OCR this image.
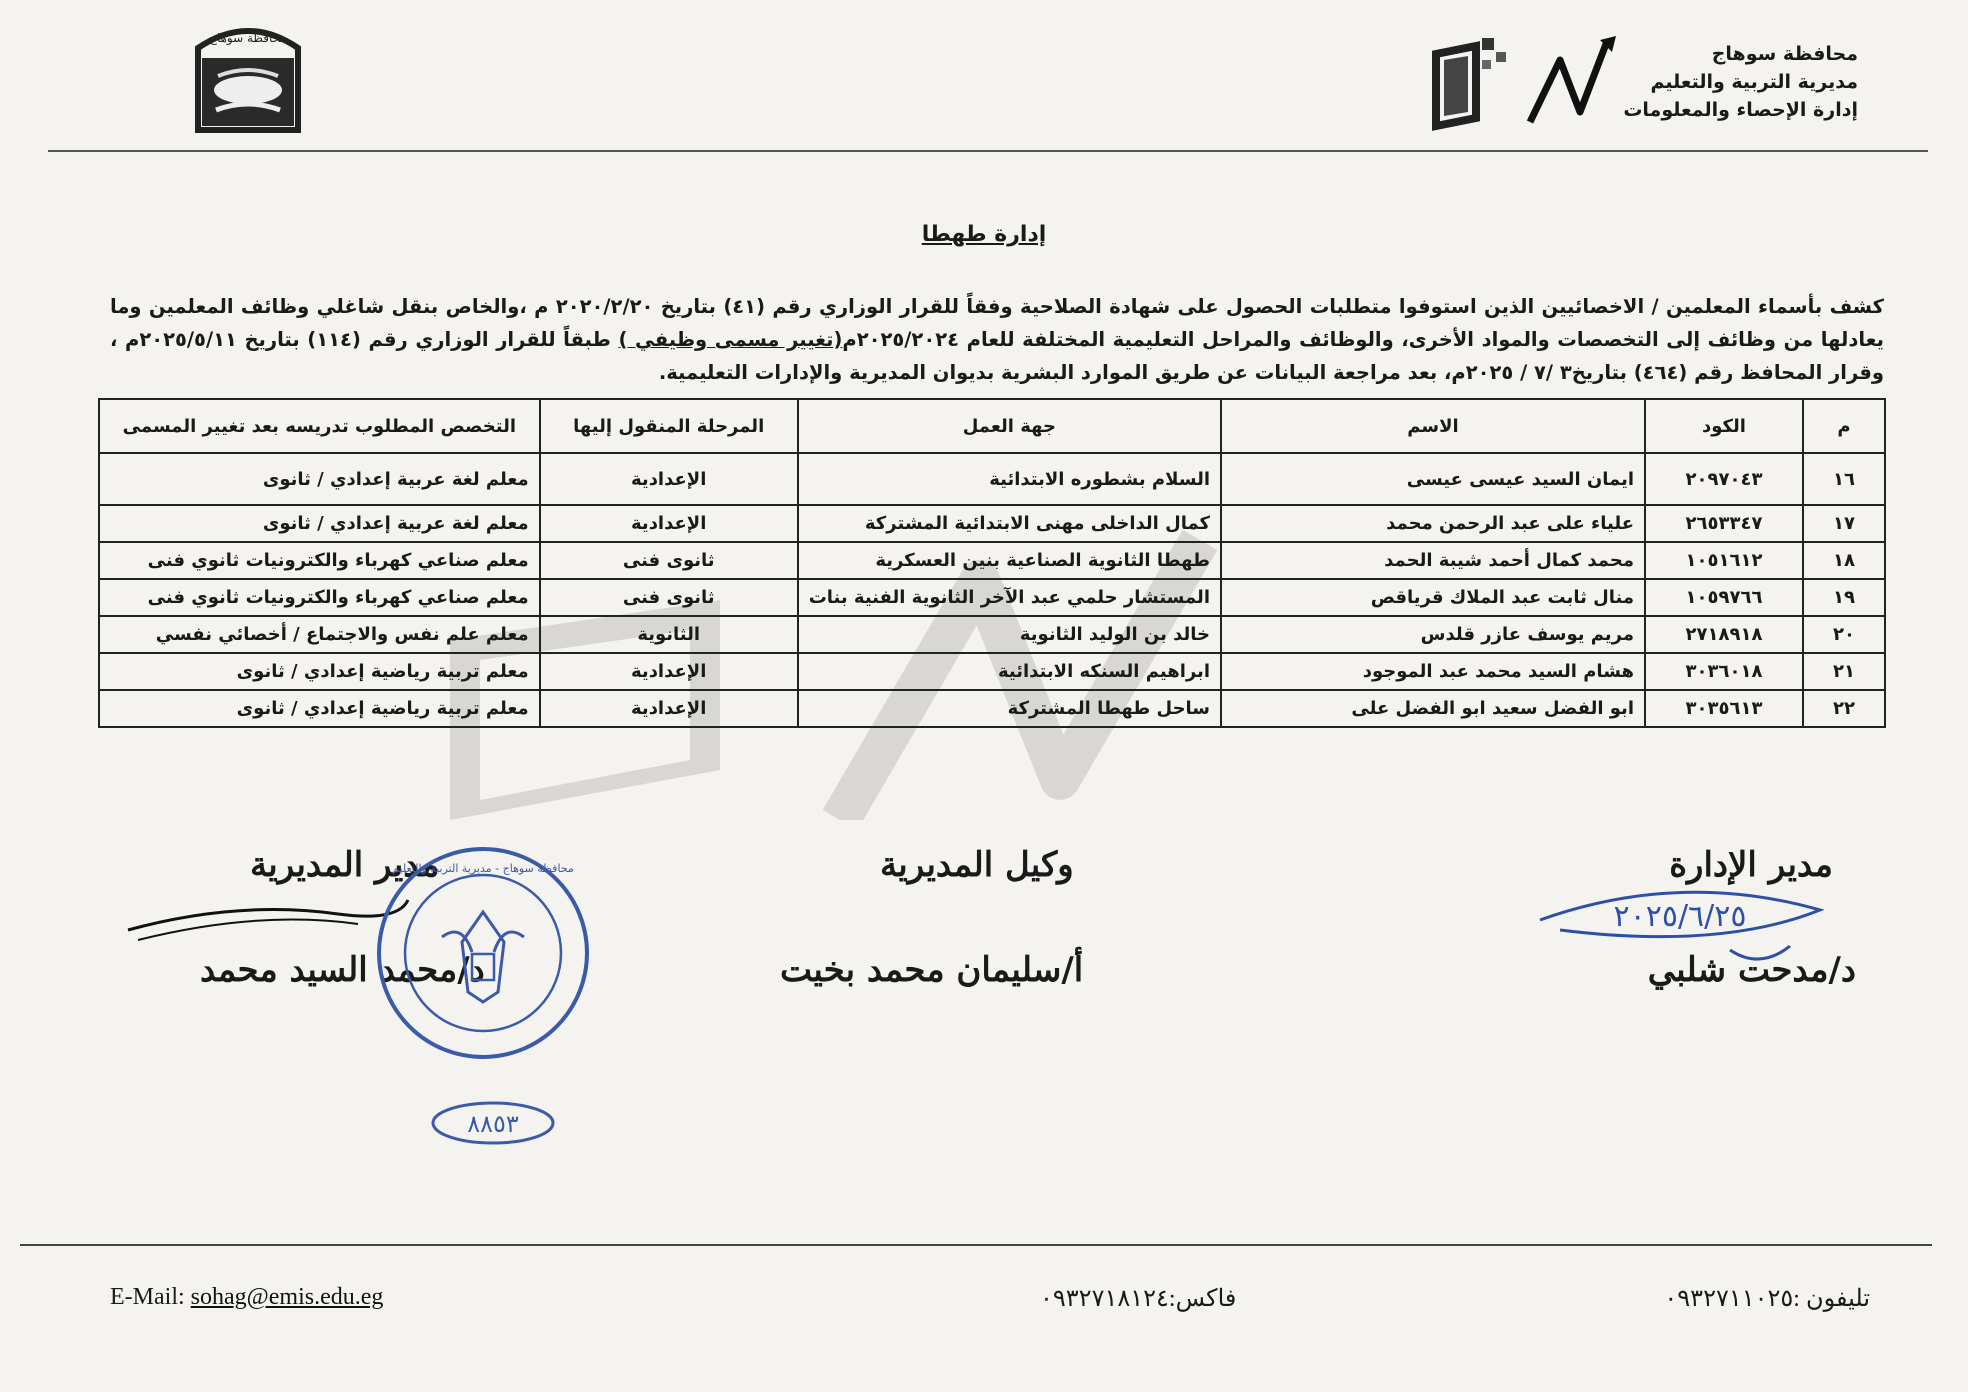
محافظة سوهاج
مديرية التربية والتعليم
إدارة الإحصاء والمعلومات
محافظة سوهاج
إدارة طهطا
كشف بأسماء المعلمين / الاخصائيين الذين استوفوا متطلبات الحصول على شهادة الصلاحية وفقاً للقرار الوزاري رقم (٤١) بتاريخ ٢٠٢٠/٢/٢٠ م ،والخاص بنقل شاغلي وظائف المعلمين وما يعادلها من وظائف إلى التخصصات والمواد الأخرى، والوظائف والمراحل التعليمية المختلفة للعام ٢٠٢٥/٢٠٢٤م(تغيير مسمى وظيفي ) طبقاً للقرار الوزاري رقم (١١٤) بتاريخ ٢٠٢٥/٥/١١م ، وقرار المحافظ رقم (٤٦٤) بتاريخ٣ /٧ / ٢٠٢٥م، بعد مراجعة البيانات عن طريق الموارد البشرية بديوان المديرية والإدارات التعليمية.
م	الكود	الاسم	جهة العمل	المرحلة المنقول إليها	التخصص المطلوب تدريسه بعد تغيير المسمى
١٦	٢٠٩٧٠٤٣	ايمان السيد عيسى عيسى	السلام بشطوره الابتدائية	الإعدادية	معلم لغة عربية إعدادي / ثانوى
١٧	٢٦٥٣٣٤٧	علياء على عبد الرحمن محمد	كمال الداخلى مهنى الابتدائية المشتركة	الإعدادية	معلم لغة عربية إعدادي / ثانوى
١٨	١٠٥١٦١٢	محمد كمال أحمد شيبة الحمد	طهطا الثانوية الصناعية بنين العسكرية	ثانوى فنى	معلم صناعي كهرباء والكترونيات ثانوي فنى
١٩	١٠٥٩٧٦٦	منال ثابت عبد الملاك قرياقص	المستشار حلمي عبد الآخر الثانوية الفنية بنات	ثانوى فنى	معلم صناعي كهرباء والكترونيات ثانوي فنى
٢٠	٢٧١٨٩١٨	مريم يوسف عازر قلدس	خالد بن الوليد الثانوية	الثانوية	معلم علم نفس والاجتماع / أخصائي نفسي
٢١	٣٠٣٦٠١٨	هشام السيد محمد عبد الموجود	ابراهيم السنكه الابتدائية	الإعدادية	معلم تربية رياضية إعدادي / ثانوى
٢٢	٣٠٣٥٦١٣	ابو الفضل سعيد ابو الفضل على	ساحل طهطا المشتركة	الإعدادية	معلم تربية رياضية إعدادي / ثانوى
مدير الإدارة
٢٠٢٥/٦/٢٥
د/مدحت شلبي
وكيل المديرية
أ/سليمان محمد بخيت
مدير المديرية
د/محمد السيد محمد
محافظة سوهاج - مديرية التربية والتعليم
٨٨٥٣
تليفون :٠٩٣٢٧١١٠٢٥
فاكس:٠٩٣٢٧١٨١٢٤
E-Mail: sohag@emis.edu.eg
